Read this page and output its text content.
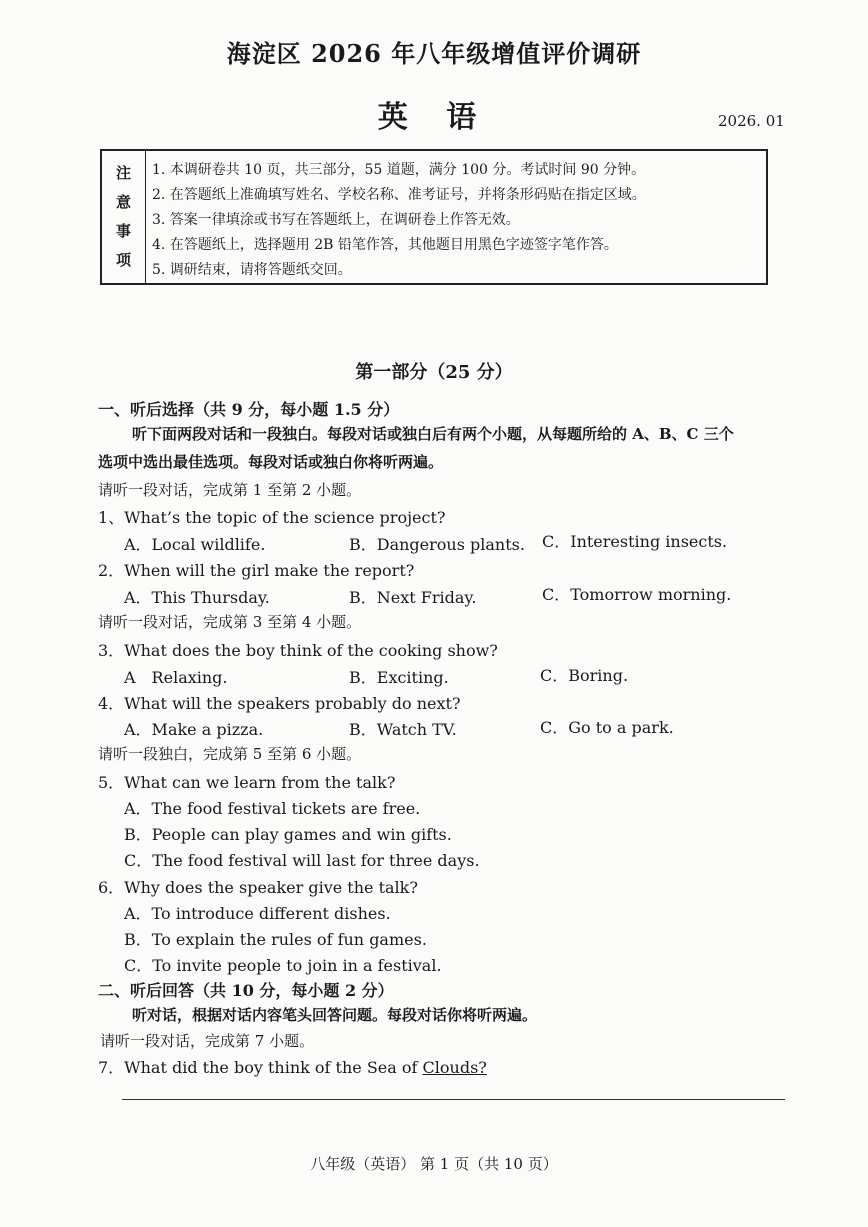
海淀区 2026 年八年级增值评价调研
英 语	2026. 01
注
意
事
项
1. 本调研卷共 10 页，共三部分，55 道题，满分 100 分。考试时间 90 分钟。
2. 在答题纸上准确填写姓名、学校名称、准考证号，并将条形码贴在指定区域。
3. 答案一律填涂或书写在答题纸上，在调研卷上作答无效。
4. 在答题纸上，选择题用 2B 铅笔作答，其他题目用黑色字迹签字笔作答。
5. 调研结束，请将答题纸交回。
第一部分（25 分）
一、听后选择（共 9 分，每小题 1.5 分）
听下面两段对话和一段独白。每段对话或独白后有两个小题，从每题所给的 A、B、C 三个
选项中选出最佳选项。每段对话或独白你将听两遍。
请听一段对话，完成第 1 至第 2 小题。
1、What’s the topic of the science project?
A．Local wildlife.	B．Dangerous plants. C．Interesting insects.
2．When will the girl make the report?
A．This Thursday.	B．Next Friday.	C．Tomorrow morning.
请听一段对话，完成第 3 至第 4 小题。
3．What does the boy think of the cooking show?
A　Relaxing.	B．Exciting.	C．Boring.
4．What will the speakers probably do next?
A．Make a pizza.	B．Watch TV.	C．Go to a park.
请听一段独白，完成第 5 至第 6 小题。
5．What can we learn from the talk?
A．The food festival tickets are free.
B．People can play games and win gifts.
C．The food festival will last for three days.
6．Why does the speaker give the talk?
A．To introduce different dishes.
B．To explain the rules of fun games.
C．To invite people to join in a festival.
二、听后回答（共 10 分，每小题 2 分）
听对话，根据对话内容笔头回答问题。每段对话你将听两遍。
请听一段对话，完成第 7 小题。
7．What did the boy think of the Sea of Clouds?
八年级（英语） 第 1 页（共 10 页）
